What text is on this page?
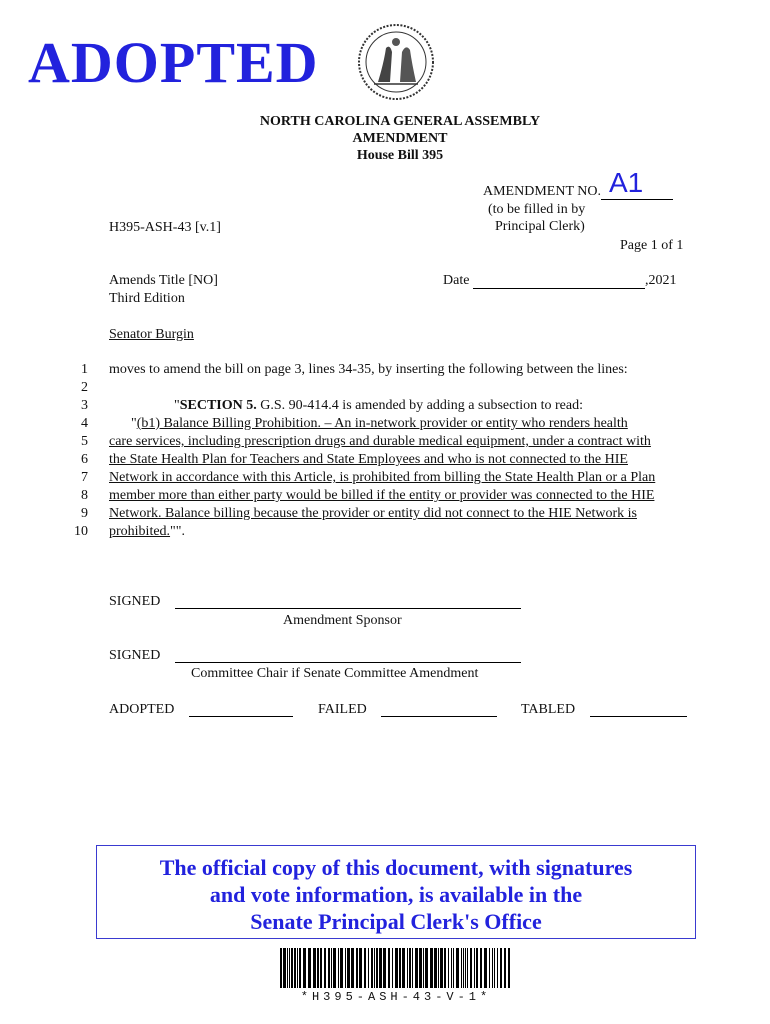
ADOPTED
NORTH CAROLINA GENERAL ASSEMBLY
AMENDMENT
House Bill 395
AMENDMENT NO. A1
(to be filled in by
Principal Clerk)
H395-ASH-43 [v.1]
Page 1 of 1
Amends Title [NO]
Third Edition
Date	,2021
Senator Burgin
1 moves to amend the bill on page 3, lines 34-35, by inserting the following between the lines:
2
3	"SECTION 5. G.S. 90-414.4 is amended by adding a subsection to read:
4	"(b1) Balance Billing Prohibition. – An in-network provider or entity who renders health
5 care services, including prescription drugs and durable medical equipment, under a contract with
6 the State Health Plan for Teachers and State Employees and who is not connected to the HIE
7 Network in accordance with this Article, is prohibited from billing the State Health Plan or a Plan
8 member more than either party would be billed if the entity or provider was connected to the HIE
9 Network. Balance billing because the provider or entity did not connect to the HIE Network is
10 prohibited."".
SIGNED
Amendment Sponsor
SIGNED
Committee Chair if Senate Committee Amendment
ADOPTED	FAILED	TABLED
The official copy of this document, with signatures
and vote information, is available in the
Senate Principal Clerk's Office
*H395-ASH-43-V-1*
